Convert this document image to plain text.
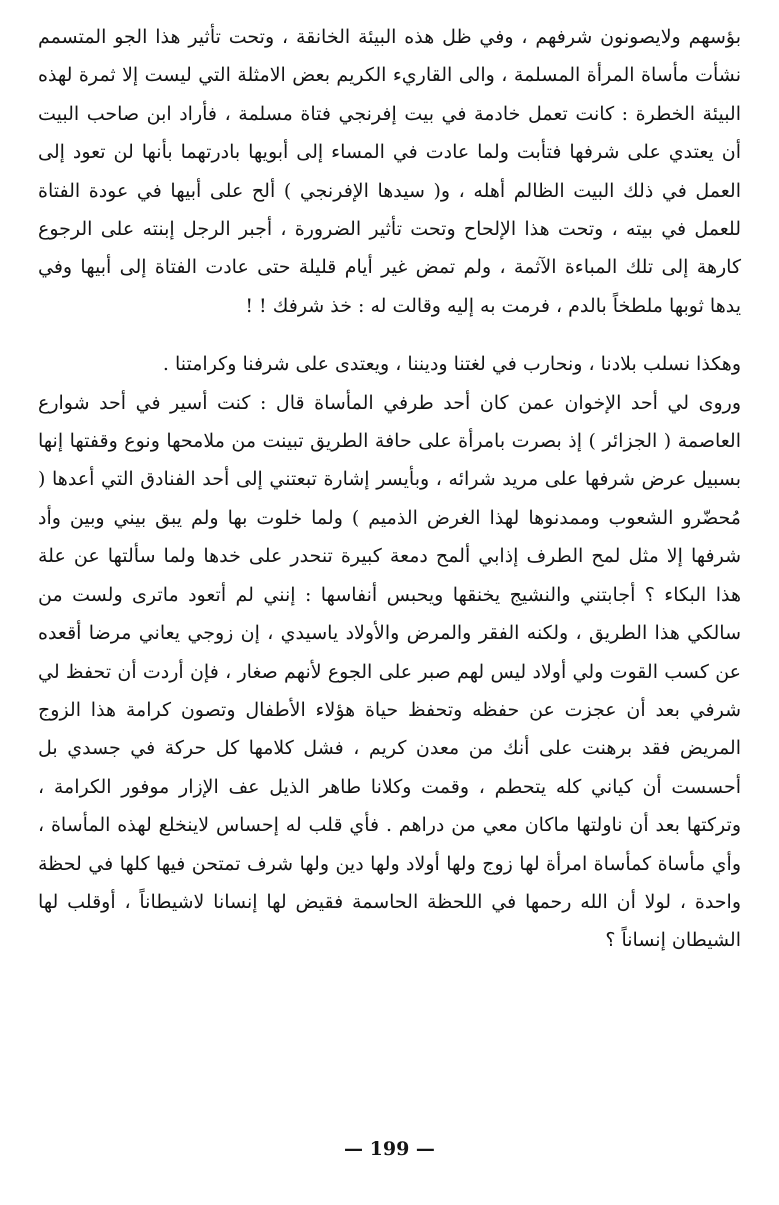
بؤسهم ولايصونون شرفهم ، وفي ظل هذه البيئة الخانقة ، وتحت تأثير هذا الجو المتسمم نشأت مأساة المرأة المسلمة ، والى القاريء الكريم بعض الامثلة التي ليست إلا ثمرة لهذه البيئة الخطرة : كانت تعمل خادمة في بيت إفرنجي فتاة مسلمة ، فأراد ابن صاحب البيت أن يعتدي على شرفها فتأبت ولما عادت في المساء إلى أبويها بادرتهما بأنها لن تعود إلى العمل في ذلك البيت الظالم أهله ، و( سيدها الإفرنجي ) ألح على أبيها في عودة الفتاة للعمل في بيته ، وتحت هذا الإلحاح وتحت تأثير الضرورة ، أجبر الرجل إبنته على الرجوع كارهة إلى تلك المباءة الآثمة ، ولم تمض غير أيام قليلة حتى عادت الفتاة إلى أبيها وفي يدها ثوبها ملطخاً بالدم ، فرمت به إليه وقالت له : خذ شرفك ! !

وهكذا نسلب بلادنا ، ونحارب في لغتنا وديننا ، ويعتدى على شرفنا وكرامتنا .

وروى لي أحد الإخوان عمن كان أحد طرفي المأساة قال : كنت أسير في أحد شوارع العاصمة ( الجزائر ) إذ بصرت بامرأة على حافة الطريق تبينت من ملامحها ونوع وقفتها إنها بسبيل عرض شرفها على مريد شرائه ، وبأيسر إشارة تبعتني إلى أحد الفنادق التي أعدها ( مُحضّرو الشعوب وممدنوها لهذا الغرض الذميم ) ولما خلوت بها ولم يبق بيني وبين وأد شرفها إلا مثل لمح الطرف إذابي ألمح دمعة كبيرة تنحدر على خدها ولما سألتها عن علة هذا البكاء ؟ أجابتني والنشيج يخنقها ويحبس أنفاسها : إنني لم أتعود ماترى ولست من سالكي هذا الطريق ، ولكنه الفقر والمرض والأولاد ياسيدي ، إن زوجي يعاني مرضا أقعده عن كسب القوت ولي أولاد ليس لهم صبر على الجوع لأنهم صغار ، فإن أردت أن تحفظ لي شرفي بعد أن عجزت عن حفظه وتحفظ حياة هؤلاء الأطفال وتصون كرامة هذا الزوج المريض فقد برهنت على أنك من معدن كريم ، فشل كلامها كل حركة في جسدي بل أحسست أن كياني كله يتحطم ، وقمت وكلانا طاهر الذيل عف الإزار موفور الكرامة ، وتركتها بعد أن ناولتها ماكان معي من دراهم . فأي قلب له إحساس لاينخلع لهذه المأساة ، وأي مأساة كمأساة امرأة لها زوج ولها أولاد ولها دين ولها شرف تمتحن فيها كلها في لحظة واحدة ، لولا أن الله رحمها في اللحظة الحاسمة فقيض لها إنسانا لاشيطاناً ، أوقلب لها الشيطان إنساناً ؟

— 199 —
